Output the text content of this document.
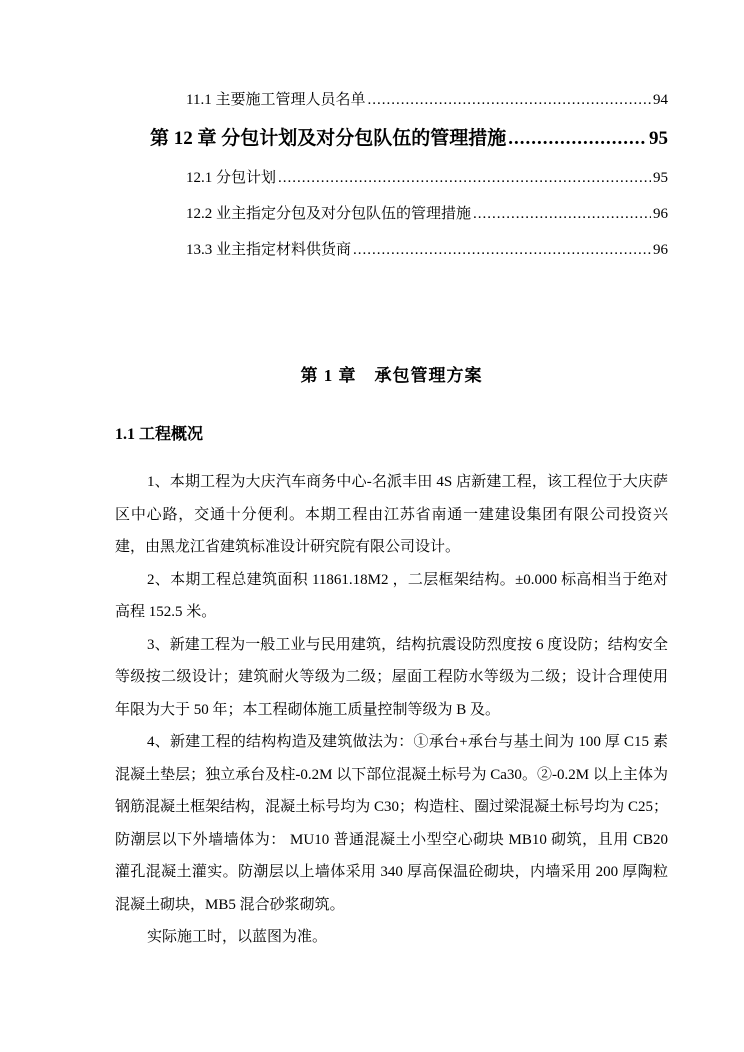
11.1 主要施工管理人员名单 .....	94
第 12 章 分包计划及对分包队伍的管理措施 .....	95
12.1 分包计划 .....	95
12.2 业主指定分包及对分包队伍的管理措施 .....	96
13.3 业主指定材料供货商 .....	96
第 1 章　承包管理方案
1.1 工程概况

1、本期工程为大庆汽车商务中心-名派丰田 4S 店新建工程，该工程位于大庆萨区中心路，交通十分便利。本期工程由江苏省南通一建建设集团有限公司投资兴建，由黑龙江省建筑标准设计研究院有限公司设计。

2、本期工程总建筑面积 11861.18M2 ，二层框架结构。±0.000 标高相当于绝对高程 152.5 米。

3、新建工程为一般工业与民用建筑，结构抗震设防烈度按 6 度设防；结构安全等级按二级设计；建筑耐火等级为二级；屋面工程防水等级为二级；设计合理使用年限为大于 50 年；本工程砌体施工质量控制等级为 B 及。

4、新建工程的结构构造及建筑做法为：①承台+承台与基土间为 100 厚 C15 素混凝土垫层；独立承台及柱-0.2M 以下部位混凝土标号为 Ca30。②-0.2M 以上主体为钢筋混凝土框架结构，混凝土标号均为 C30；构造柱、圈过梁混凝土标号均为 C25；防潮层以下外墙墙体为： MU10 普通混凝土小型空心砌块 MB10 砌筑，且用 CB20 灌孔混凝土灌实。防潮层以上墙体采用 340 厚高保温砼砌块，内墙采用 200 厚陶粒混凝土砌块，MB5 混合砂浆砌筑。

实际施工时，以蓝图为准。
